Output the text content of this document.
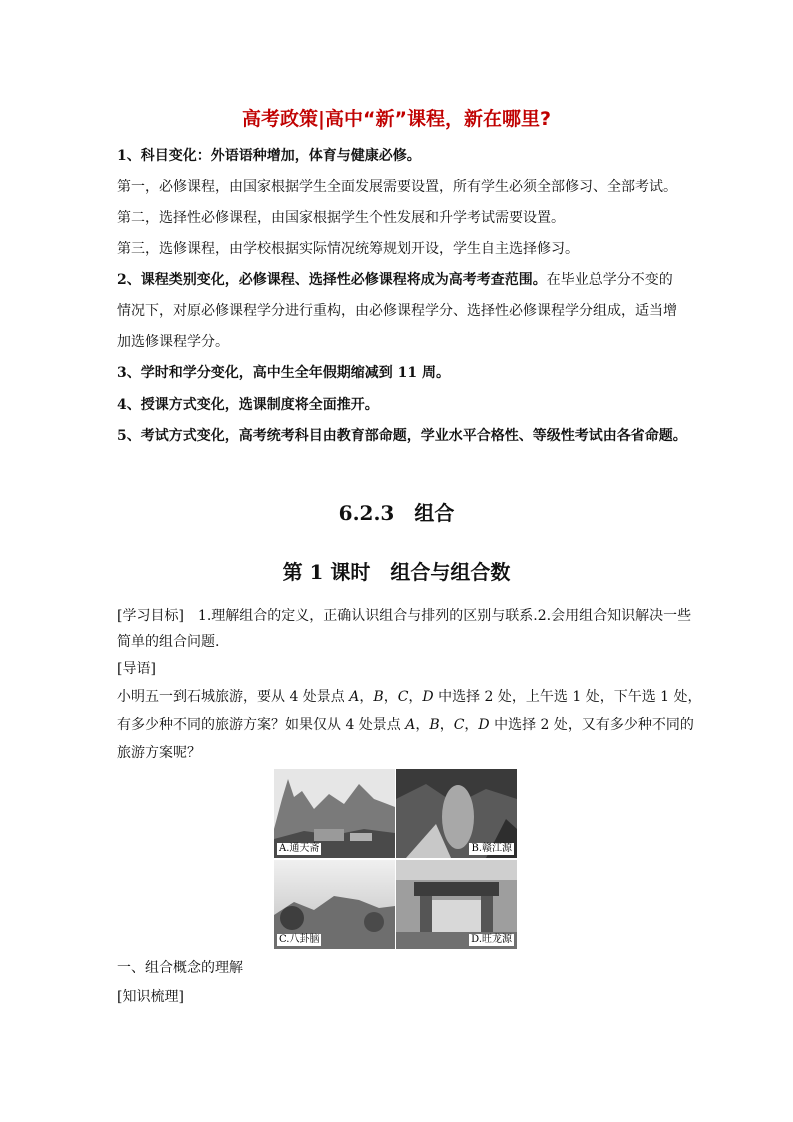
高考政策|高中“新”课程，新在哪里?
1、科目变化：外语语种增加，体育与健康必修。
第一，必修课程，由国家根据学生全面发展需要设置，所有学生必须全部修习、全部考试。
第二，选择性必修课程，由国家根据学生个性发展和升学考试需要设置。
第三，选修课程，由学校根据实际情况统筹规划开设，学生自主选择修习。
2、课程类别变化，必修课程、选择性必修课程将成为高考考查范围。在毕业总学分不变的
情况下，对原必修课程学分进行重构，由必修课程学分、选择性必修课程学分组成，适当增
加选修课程学分。
3、学时和学分变化，高中生全年假期缩减到 11 周。
4、授课方式变化，选课制度将全面推开。
5、考试方式变化，高考统考科目由教育部命题，学业水平合格性、等级性考试由各省命题。
6.2.3　组合
第 1 课时　组合与组合数
[学习目标]　1.理解组合的定义，正确认识组合与排列的区别与联系.2.会用组合知识解决一些
简单的组合问题.
[导语]
小明五一到石城旅游，要从 4 处景点 A，B，C，D 中选择 2 处，上午选 1 处，下午选 1 处，
有多少种不同的旅游方案？如果仅从 4 处景点 A，B，C，D 中选择 2 处，又有多少种不同的
旅游方案呢？
A.通天斋	B.赣江源
C.八卦脑	D.旺龙源
一、组合概念的理解
[知识梳理]
